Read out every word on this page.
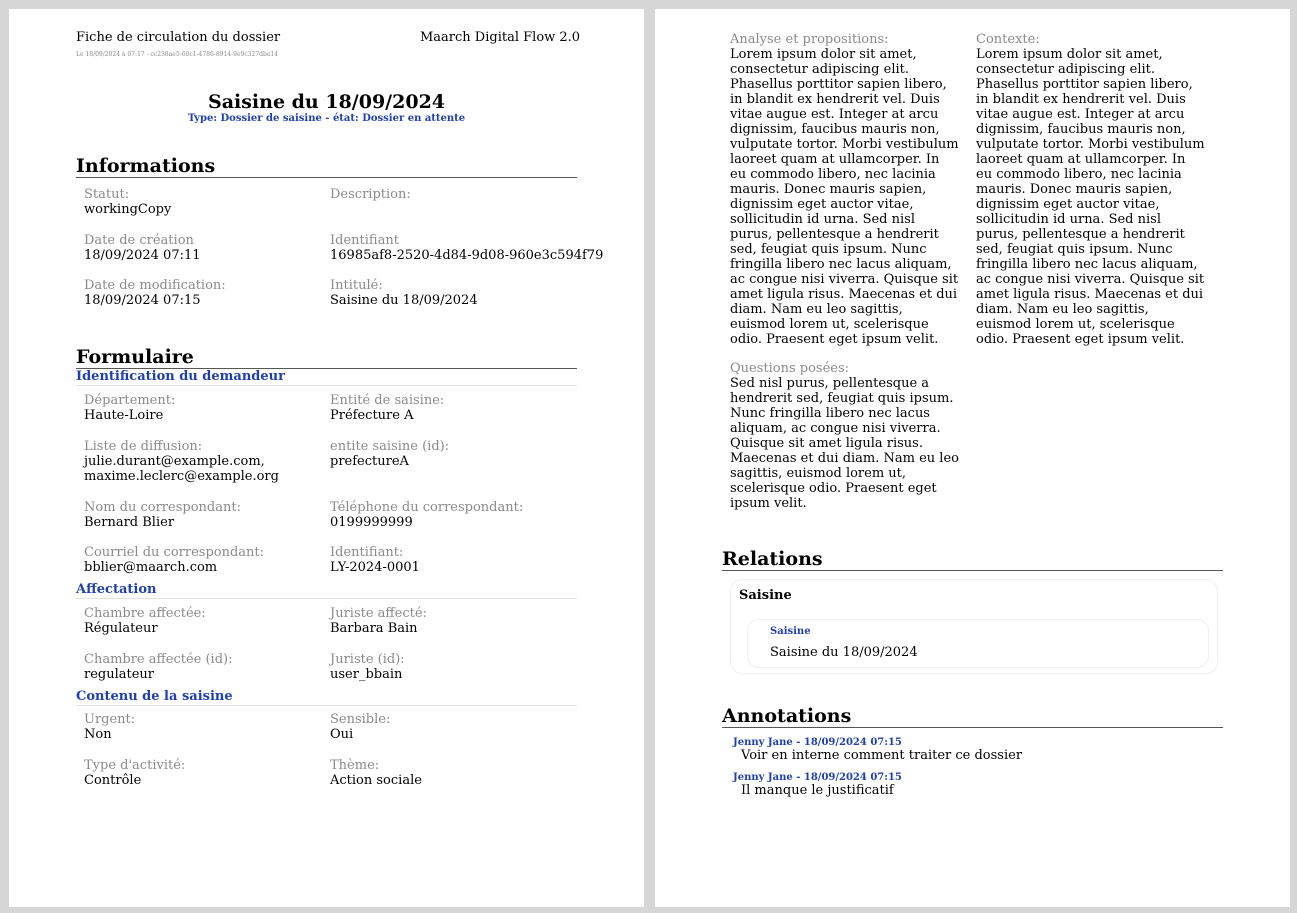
Fiche de circulation du dossier	Maarch Digital Flow 2.0
Le 18/09/2024 à 07:17 - cc238ae5-60c1-4786-8914-9e9c327dbe14
Saisine du 18/09/2024
Type: Dossier de saisine - état: Dossier en attente
Informations
Statut:
workingCopy
Description:
Date de création
18/09/2024 07:11
Identifiant
16985af8-2520-4d84-9d08-960e3c594f79
Date de modification:
18/09/2024 07:15
Intitulé:
Saisine du 18/09/2024
Formulaire
Identification du demandeur
Département:
Haute-Loire
Entité de saisine:
Préfecture A
Liste de diffusion:
julie.durant@example.com,
maxime.leclerc@example.org
entite saisine (id):
prefectureA
Nom du correspondant:
Bernard Blier
Téléphone du correspondant:
0199999999
Courriel du correspondant:
bblier@maarch.com
Identifiant:
LY-2024-0001
Affectation
Chambre affectée:
Régulateur
Juriste affecté:
Barbara Bain
Chambre affectée (id):
regulateur
Juriste (id):
user_bbain
Contenu de la saisine
Urgent:
Non
Sensible:
Oui
Type d'activité:
Contrôle
Thème:
Action sociale
Analyse et propositions:
Lorem ipsum dolor sit amet,
consectetur adipiscing elit.
Phasellus porttitor sapien libero,
in blandit ex hendrerit vel. Duis
vitae augue est. Integer at arcu
dignissim, faucibus mauris non,
vulputate tortor. Morbi vestibulum
laoreet quam at ullamcorper. In
eu commodo libero, nec lacinia
mauris. Donec mauris sapien,
dignissim eget auctor vitae,
sollicitudin id urna. Sed nisl
purus, pellentesque a hendrerit
sed, feugiat quis ipsum. Nunc
fringilla libero nec lacus aliquam,
ac congue nisi viverra. Quisque sit
amet ligula risus. Maecenas et dui
diam. Nam eu leo sagittis,
euismod lorem ut, scelerisque
odio. Praesent eget ipsum velit.
Contexte:
Lorem ipsum dolor sit amet,
consectetur adipiscing elit.
Phasellus porttitor sapien libero,
in blandit ex hendrerit vel. Duis
vitae augue est. Integer at arcu
dignissim, faucibus mauris non,
vulputate tortor. Morbi vestibulum
laoreet quam at ullamcorper. In
eu commodo libero, nec lacinia
mauris. Donec mauris sapien,
dignissim eget auctor vitae,
sollicitudin id urna. Sed nisl
purus, pellentesque a hendrerit
sed, feugiat quis ipsum. Nunc
fringilla libero nec lacus aliquam,
ac congue nisi viverra. Quisque sit
amet ligula risus. Maecenas et dui
diam. Nam eu leo sagittis,
euismod lorem ut, scelerisque
odio. Praesent eget ipsum velit.
Questions posées:
Sed nisl purus, pellentesque a
hendrerit sed, feugiat quis ipsum.
Nunc fringilla libero nec lacus
aliquam, ac congue nisi viverra.
Quisque sit amet ligula risus.
Maecenas et dui diam. Nam eu leo
sagittis, euismod lorem ut,
scelerisque odio. Praesent eget
ipsum velit.
Relations
Saisine
Saisine
Saisine du 18/09/2024
Annotations
Jenny Jane - 18/09/2024 07:15
Voir en interne comment traiter ce dossier
Jenny Jane - 18/09/2024 07:15
Il manque le justificatif
